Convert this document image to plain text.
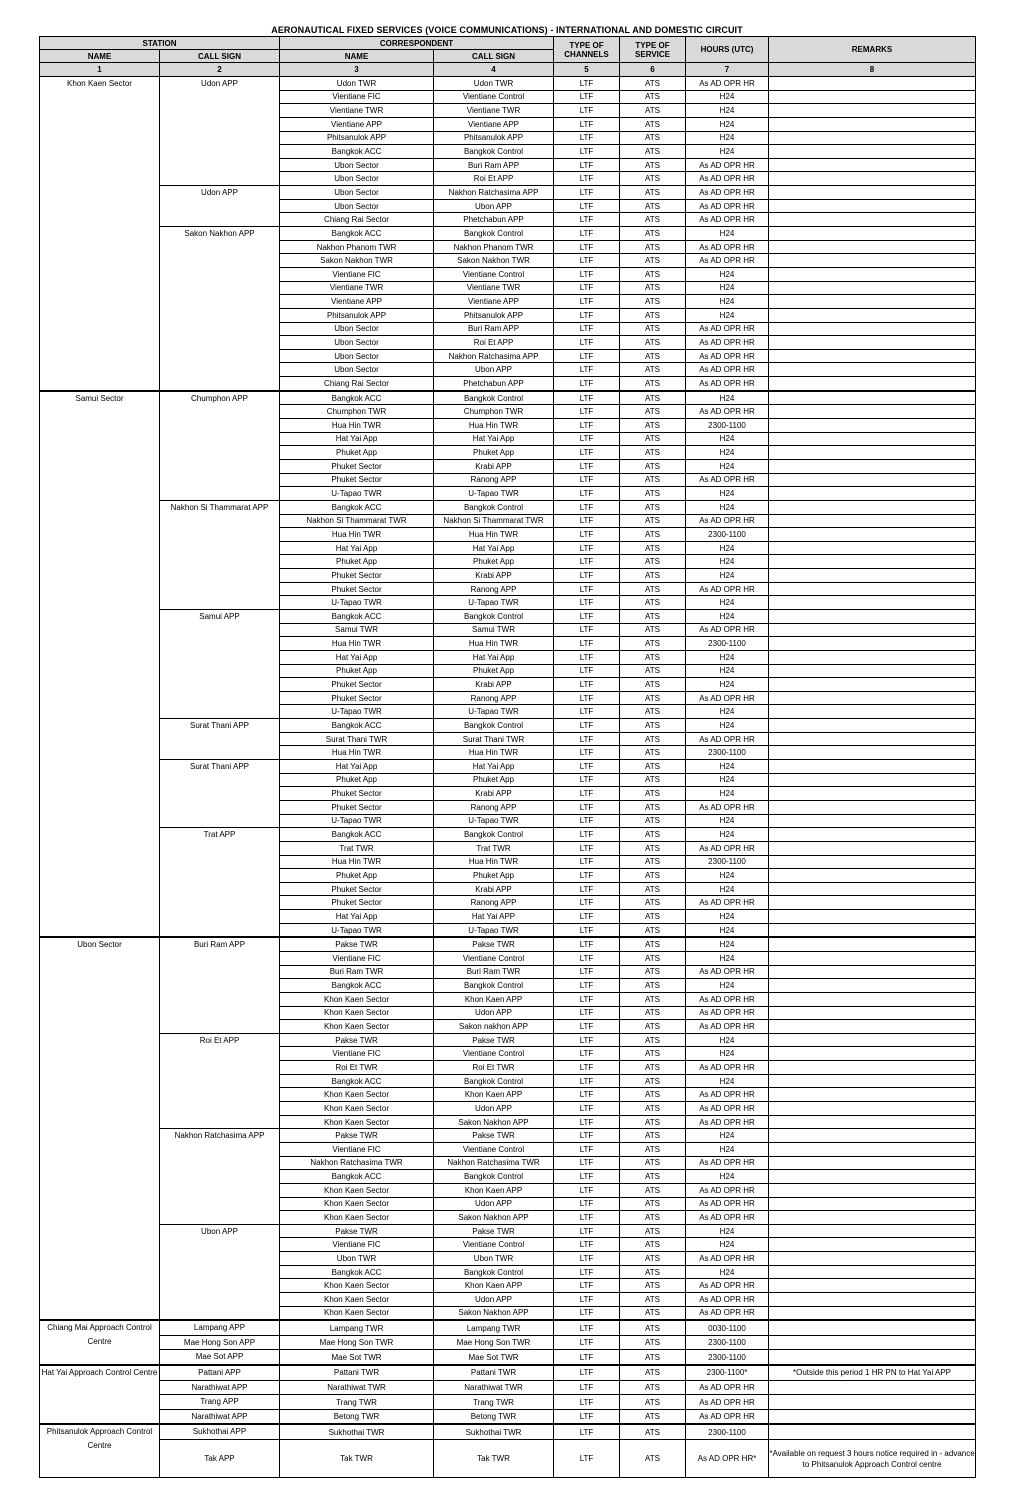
AERONAUTICAL FIXED SERVICES (VOICE COMMUNICATIONS) - INTERNATIONAL AND DOMESTIC CIRCUIT
STATION		CORRESPONDENT		TYPE OF CHANNELS	TYPE OF SERVICE	HOURS (UTC)	REMARKS
NAME	CALL SIGN	NAME	CALL SIGN				
1	2	3	4	5	6	7	8
Khon Kaen Sector	Udon APP	Udon TWR	Udon TWR	LTF	ATS	As AD OPR HR	
		Vientiane FIC	Vientiane Control	LTF	ATS	H24	
		Vientiane TWR	Vientiane TWR	LTF	ATS	H24	
		Vientiane APP	Vientiane APP	LTF	ATS	H24	
		Phitsanulok APP	Phitsanulok APP	LTF	ATS	H24	
		Bangkok ACC	Bangkok Control	LTF	ATS	H24	
		Ubon Sector	Buri Ram APP	LTF	ATS	As AD OPR HR	
		Ubon Sector	Roi Et APP	LTF	ATS	As AD OPR HR	
	Udon APP	Ubon Sector	Nakhon Ratchasima APP	LTF	ATS	As AD OPR HR	
		Ubon Sector	Ubon APP	LTF	ATS	As AD OPR HR	
		Chiang Rai Sector	Phetchabun APP	LTF	ATS	As AD OPR HR	
	Sakon Nakhon APP	Bangkok ACC	Bangkok Control	LTF	ATS	H24	
		Nakhon Phanom TWR	Nakhon Phanom TWR	LTF	ATS	As AD OPR HR	
		Sakon Nakhon TWR	Sakon Nakhon TWR	LTF	ATS	As AD OPR HR	
		Vientiane FIC	Vientiane Control	LTF	ATS	H24	
		Vientiane TWR	Vientiane TWR	LTF	ATS	H24	
		Vientiane APP	Vientiane APP	LTF	ATS	H24	
		Phitsanulok APP	Phitsanulok APP	LTF	ATS	H24	
		Ubon Sector	Buri Ram APP	LTF	ATS	As AD OPR HR	
		Ubon Sector	Roi Et APP	LTF	ATS	As AD OPR HR	
		Ubon Sector	Nakhon Ratchasima APP	LTF	ATS	As AD OPR HR	
		Ubon Sector	Ubon APP	LTF	ATS	As AD OPR HR	
		Chiang Rai Sector	Phetchabun APP	LTF	ATS	As AD OPR HR	
Samui Sector	Chumphon APP	Bangkok ACC	Bangkok Control	LTF	ATS	H24	
		Chumphon TWR	Chumphon TWR	LTF	ATS	As AD OPR HR	
		Hua Hin TWR	Hua Hin TWR	LTF	ATS	2300-1100	
		Hat Yai App	Hat Yai App	LTF	ATS	H24	
		Phuket App	Phuket App	LTF	ATS	H24	
		Phuket Sector	Krabi APP	LTF	ATS	H24	
		Phuket Sector	Ranong APP	LTF	ATS	As AD OPR HR	
		U-Tapao TWR	U-Tapao TWR	LTF	ATS	H24	
	Nakhon Si Thammarat APP	Bangkok ACC	Bangkok Control	LTF	ATS	H24	
		Nakhon Si Thammarat TWR	Nakhon Si Thammarat TWR	LTF	ATS	As AD OPR HR	
		Hua Hin TWR	Hua Hin TWR	LTF	ATS	2300-1100	
		Hat Yai App	Hat Yai App	LTF	ATS	H24	
		Phuket App	Phuket App	LTF	ATS	H24	
		Phuket Sector	Krabi APP	LTF	ATS	H24	
		Phuket Sector	Ranong APP	LTF	ATS	As AD OPR HR	
		U-Tapao TWR	U-Tapao TWR	LTF	ATS	H24	
	Samui APP	Bangkok ACC	Bangkok Control	LTF	ATS	H24	
		Samui TWR	Samui TWR	LTF	ATS	As AD OPR HR	
		Hua Hin TWR	Hua Hin TWR	LTF	ATS	2300-1100	
		Hat Yai App	Hat Yai App	LTF	ATS	H24	
		Phuket App	Phuket App	LTF	ATS	H24	
		Phuket Sector	Krabi APP	LTF	ATS	H24	
		Phuket Sector	Ranong APP	LTF	ATS	As AD OPR HR	
		U-Tapao TWR	U-Tapao TWR	LTF	ATS	H24	
	Surat Thani APP	Bangkok ACC	Bangkok Control	LTF	ATS	H24	
		Surat Thani TWR	Surat Thani TWR	LTF	ATS	As AD OPR HR	
		Hua Hin TWR	Hua Hin TWR	LTF	ATS	2300-1100	
	Surat Thani APP	Hat Yai App	Hat Yai App	LTF	ATS	H24	
		Phuket App	Phuket App	LTF	ATS	H24	
		Phuket Sector	Krabi APP	LTF	ATS	H24	
		Phuket Sector	Ranong APP	LTF	ATS	As AD OPR HR	
		U-Tapao TWR	U-Tapao TWR	LTF	ATS	H24	
	Trat APP	Bangkok ACC	Bangkok Control	LTF	ATS	H24	
		Trat TWR	Trat TWR	LTF	ATS	As AD OPR HR	
		Hua Hin TWR	Hua Hin TWR	LTF	ATS	2300-1100	
		Phuket App	Phuket App	LTF	ATS	H24	
		Phuket Sector	Krabi APP	LTF	ATS	H24	
		Phuket Sector	Ranong APP	LTF	ATS	As AD OPR HR	
		Hat Yai App	Hat Yai APP	LTF	ATS	H24	
		U-Tapao TWR	U-Tapao TWR	LTF	ATS	H24	
Ubon Sector	Buri Ram APP	Pakse TWR	Pakse TWR	LTF	ATS	H24	
		Vientiane FIC	Vientiane Control	LTF	ATS	H24	
		Buri Ram TWR	Buri Ram TWR	LTF	ATS	As AD OPR HR	
		Bangkok ACC	Bangkok Control	LTF	ATS	H24	
		Khon Kaen Sector	Khon Kaen APP	LTF	ATS	As AD OPR HR	
		Khon Kaen Sector	Udon APP	LTF	ATS	As AD OPR HR	
		Khon Kaen Sector	Sakon nakhon APP	LTF	ATS	As AD OPR HR	
	Roi Et APP	Pakse TWR	Pakse TWR	LTF	ATS	H24	
		Vientiane FIC	Vientiane Control	LTF	ATS	H24	
		Roi Et TWR	Roi Et TWR	LTF	ATS	As AD OPR HR	
		Bangkok ACC	Bangkok Control	LTF	ATS	H24	
		Khon Kaen Sector	Khon Kaen APP	LTF	ATS	As AD OPR HR	
		Khon Kaen Sector	Udon APP	LTF	ATS	As AD OPR HR	
		Khon Kaen Sector	Sakon Nakhon APP	LTF	ATS	As AD OPR HR	
	Nakhon Ratchasima APP	Pakse TWR	Pakse TWR	LTF	ATS	H24	
		Vientiane FIC	Vientiane Control	LTF	ATS	H24	
		Nakhon Ratchasima TWR	Nakhon Ratchasima TWR	LTF	ATS	As AD OPR HR	
		Bangkok ACC	Bangkok Control	LTF	ATS	H24	
		Khon Kaen Sector	Khon Kaen APP	LTF	ATS	As AD OPR HR	
		Khon Kaen Sector	Udon APP	LTF	ATS	As AD OPR HR	
		Khon Kaen Sector	Sakon Nakhon APP	LTF	ATS	As AD OPR HR	
	Ubon APP	Pakse TWR	Pakse TWR	LTF	ATS	H24	
		Vientiane FIC	Vientiane Control	LTF	ATS	H24	
		Ubon TWR	Ubon TWR	LTF	ATS	As AD OPR HR	
		Bangkok ACC	Bangkok Control	LTF	ATS	H24	
		Khon Kaen Sector	Khon Kaen APP	LTF	ATS	As AD OPR HR	
		Khon Kaen Sector	Udon APP	LTF	ATS	As AD OPR HR	
		Khon Kaen Sector	Sakon Nakhon APP	LTF	ATS	As AD OPR HR	
Chiang Mai Approach Control Centre	Lampang APP	Lampang TWR	Lampang TWR	LTF	ATS	0030-1100	
	Mae Hong Son APP	Mae Hong Son TWR	Mae Hong Son TWR	LTF	ATS	2300-1100	
	Mae Sot APP	Mae Sot TWR	Mae Sot TWR	LTF	ATS	2300-1100	
Hat Yai Approach Control Centre	Pattani APP	Pattani TWR	Pattani TWR	LTF	ATS	2300-1100*	*Outside this period 1 HR PN to Hat Yai APP
	Narathiwat APP	Narathiwat TWR	Narathiwat TWR	LTF	ATS	As AD OPR HR	
	Trang APP	Trang TWR	Trang TWR	LTF	ATS	As AD OPR HR	
	Narathiwat APP	Betong TWR	Betong TWR	LTF	ATS	As AD OPR HR	
Phitsanulok Approach Control Centre	Sukhothai APP	Sukhothai TWR	Sukhothai TWR	LTF	ATS	2300-1100	
	Tak APP	Tak TWR	Tak TWR	LTF	ATS	As AD OPR HR*	*Available on request 3 hours notice required in - advance to Phitsanulok Approach Control centre
